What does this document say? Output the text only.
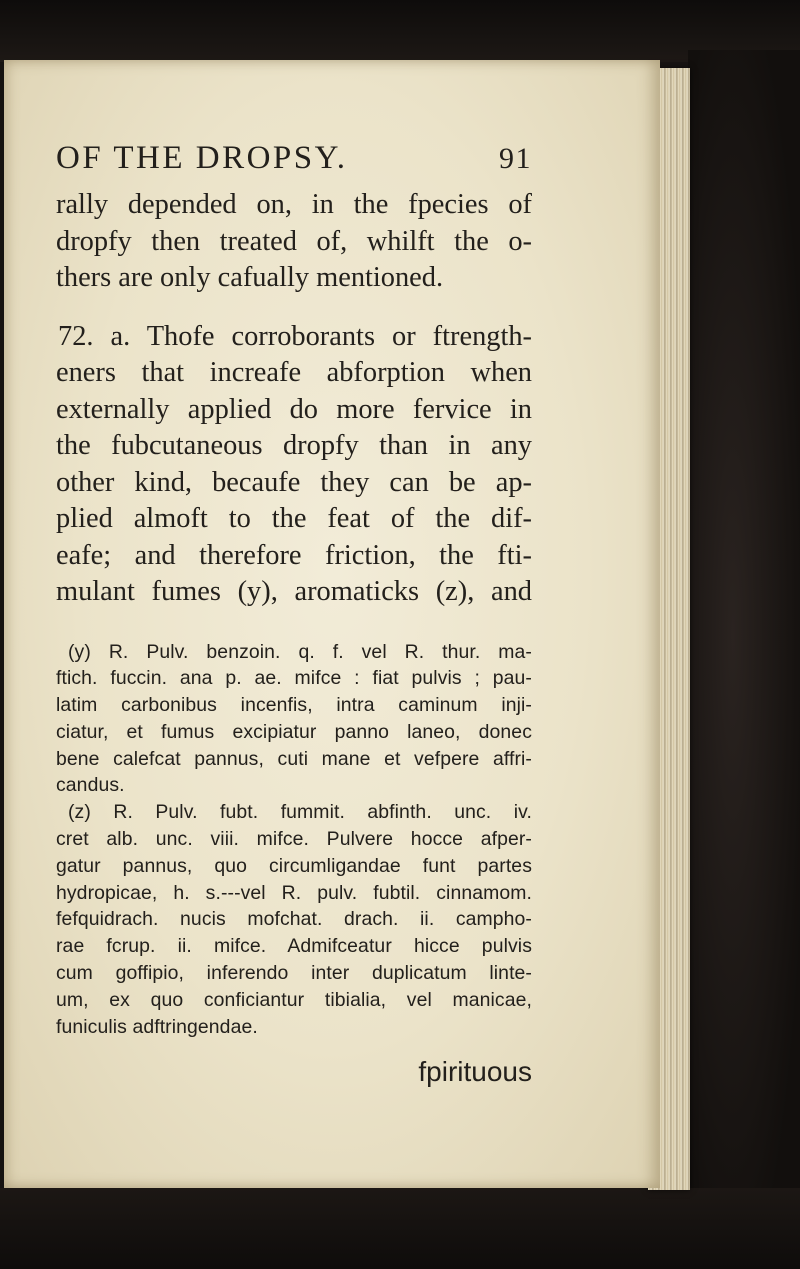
OF THE DROPSY.	91
rally depended on, in the fpecies of
dropfy then treated of, whilft the o-
thers are only cafually mentioned.
72. a. Thofe corroborants or ftrength-
eners that increafe abforption when
externally applied do more fervice in
the fubcutaneous dropfy than in any
other kind, becaufe they can be ap-
plied almoft to the feat of the dif-
eafe; and therefore friction, the fti-
mulant fumes (y), aromaticks (z), and
(y) R. Pulv. benzoin. q. f. vel R. thur. ma-
ftich. fuccin. ana p. ae. mifce : fiat pulvis ; pau-
latim carbonibus incenfis, intra caminum inji-
ciatur, et fumus excipiatur panno laneo, donec
bene calefcat pannus, cuti mane et vefpere affri-
candus.
(z) R. Pulv. fubt. fummit. abfinth. unc. iv.
cret alb. unc. viii. mifce. Pulvere hocce afper-
gatur pannus, quo circumligandae funt partes
hydropicae, h. s.---vel R. pulv. fubtil. cinnamom.
fefquidrach. nucis mofchat. drach. ii. campho-
rae fcrup. ii. mifce. Admifceatur hicce pulvis
cum goffipio, inferendo inter duplicatum linte-
um, ex quo conficiantur tibialia, vel manicae,
funiculis adftringendae.
fpirituous
